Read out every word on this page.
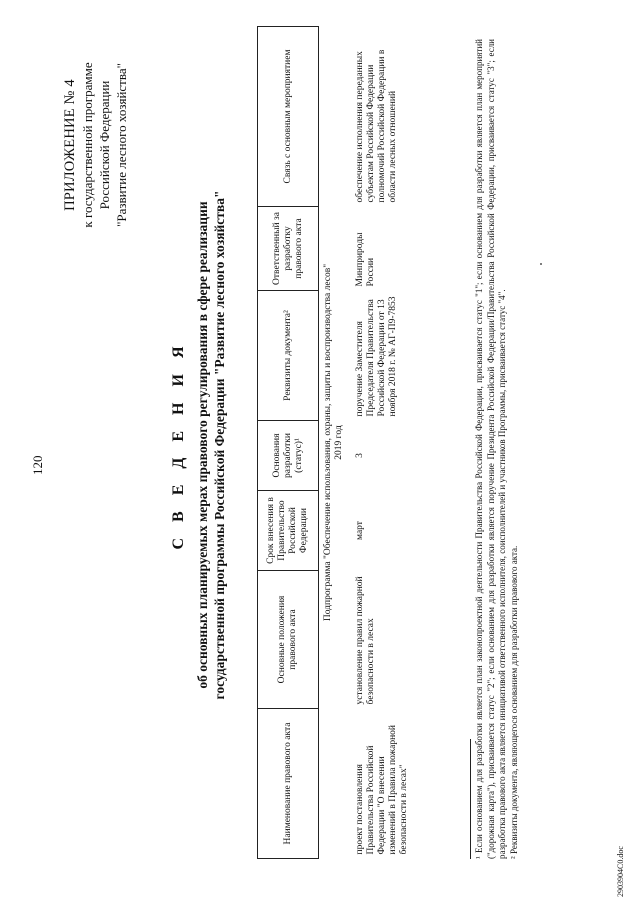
120
ПРИЛОЖЕНИЕ № 4 к государственной программе Российской Федерации "Развитие лесного хозяйства"
С В Е Д Е Н И Я об основных планируемых мерах правового регулирования в сфере реализации государственной программы Российской Федерации "Развитие лесного хозяйства"
Наименование правового акта	Основные положения правового акта	Срок внесения в Правительство Российской Федерации	Основания разработки (статус)¹	Реквизиты документа²	Ответственный за разработку правового акта	Связь с основным мероприятием

Подпрограмма "Обеспечение использования, охраны, защиты и воспроизводства лесов" 2019 год						

проект постановления Правительства Российской Федерации "О внесении изменений в Правила пожарной безопасности в лесах"	установление правил пожарной безопасности в лесах	март	3	поручение Заместителя Председателя Правительства Российской Федерации от 13 ноября 2018 г. № АГ-П9-7853	Минприроды России	обеспечение исполнения переданных субъектам Российской Федерации полномочий Российской Федерации в области лесных отношений	¹ Если основанием для разработки является план законопроектной деятельности Правительства Российской Федерации, присваивается статус "1"; если основанием для разработки является план мероприятий ("дорожная карта"), присваивается статус "2"; если основанием для разработки является поручение Президента Российской Федерации/Правительства Российской Федерации, присваивается статус "3"; если разработка правового акта является инициативой ответственного исполнителя, соисполнителей и участников Программы, присваивается статус "4". ² Реквизиты документа, являющегося основанием для разработки правового акта.

2903904С0.doc
